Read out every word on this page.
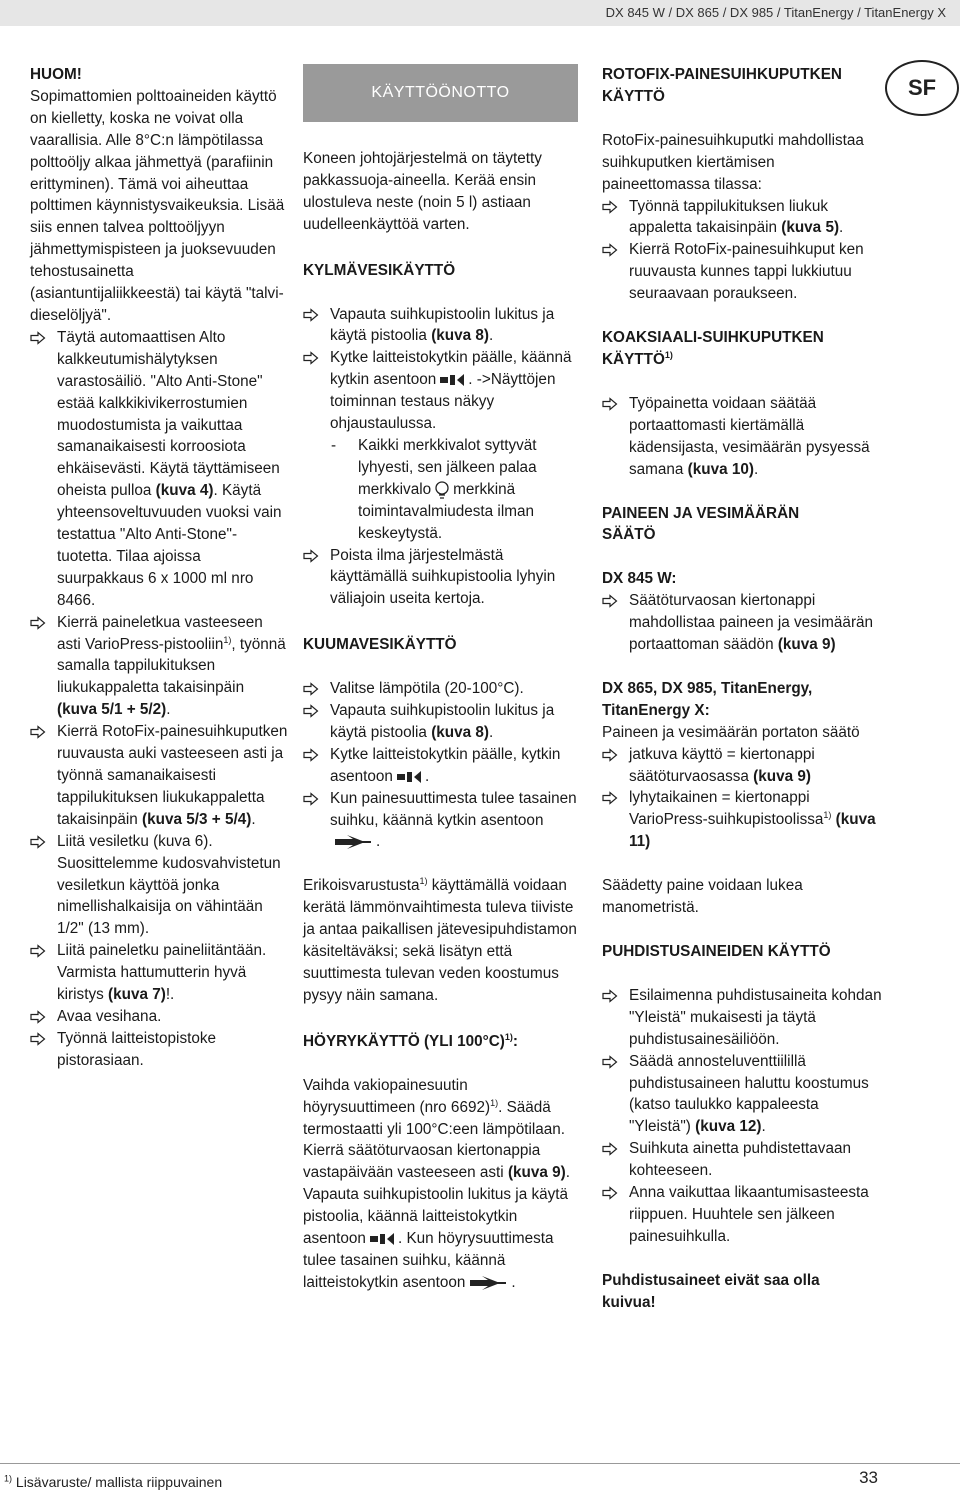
DX 845 W / DX 865 / DX 985 / TitanEnergy / TitanEnergy X
SF

HUOM!

Sopimattomien polttoaineiden käyttö on kielletty, koska ne voivat olla vaarallisia. Alle 8°C:n lämpötilassa polttoöljy alkaa jähmettyä (parafiinin erittyminen). Tämä voi aiheuttaa polttimen käynnistysvaikeuksia. Lisää siis ennen talvea polttoöljyyn jähmettymispisteen ja juoksevuuden tehostusainetta (asiantuntijaliikkeestä) tai käytä "talvi-dieselöljyä".

Täytä automaattisen Alto kalkkeutumishälytyksen varastosäiliö. "Alto Anti-Stone" estää kalkkikivikerrostumien muodostumista ja vaikuttaa samanaikaisesti korroosiota ehkäisevästi. Käytä täyttämiseen oheista pulloa (kuva 4). Käytä yhteensoveltuvuuden vuoksi vain testattua "Alto Anti-Stone"-tuotetta. Tilaa ajoissa suurpakkaus 6 x 1000 ml nro 8466.

Kierrä paineletkua vasteeseen asti VarioPress-pistooliin$^{1)}$, työnnä samalla tappilukituksen liukukappaletta takaisinpäin (kuva 5/1 + 5/2).

Kierrä RotoFix-painesuihkuputken ruuvausta auki vasteeseen asti ja työnnä samanaikaisesti tappilukituksen liukukappaletta takaisinpäin (kuva 5/3 + 5/4).

Liitä vesiletku (kuva 6). Suosittelemme kudosvahvistetun vesiletkun käyttöä jonka nimellishalkaisija on vähintään 1/2" (13 mm).

Liitä paineletku paineliitäntään. Varmista hattumutterin hyvä kiristys (kuva 7)!.

Avaa vesihana.

Työnnä laitteistopistoke pistorasiaan.

KÄYTTÖÖNOTTO

Koneen johtojärjestelmä on täytetty pakkassuoja-aineella. Kerää ensin ulostuleva neste (noin 5 l) astiaan uudelleenkäyttöä varten.

KYLMÄVESIKÄYTTÖ

Vapauta suihkupistoolin lukitus ja käytä pistoolia (kuva 8).

Kytke laitteistokytkin päälle, käännä kytkin asentoon . ->Näyttöjen toiminnan testaus näkyy ohjaustaulussa.

- Kaikki merkkivalot syttyvät lyhyesti, sen jälkeen palaa merkkivalo merkkinä toimintavalmiudesta ilman keskeytystä.

Poista ilma järjestelmästä käyttämällä suihkupistoolia lyhyin väliajoin useita kertoja.

KUUMAVESIKÄYTTÖ

Valitse lämpötila (20-100°C).

Vapauta suihkupistoolin lukitus ja käytä pistoolia (kuva 8).

Kytke laitteistokytkin päälle, kytkin asentoon .

Kun painesuuttimesta tulee tasainen suihku, käännä kytkin asentoon.

Erikoisvarustusta$^{1)}$ käyttämällä voidaan kerätä lämmönvaihtimesta tuleva tiiviste ja antaa paikallisen jätevesipuhdistamon käsiteltäväksi; sekä lisätyn että suuttimesta tulevan veden koostumus pysyy näin samana.

HÖYRYKÄYTTÖ (YLI 100°C)$^{1)}$:

Vaihda vakiopainesuutin höyrysuuttimeen (nro 6692)$^{1)}$. Säädä termostaatti yli 100°C:een lämpötilaan. Kierrä säätöturvaosan kiertonappia vastapäivään vasteeseen asti (kuva 9).

Vapauta suihkupistoolin lukitus ja käytä pistoolia, käännä laitteistokytkin asentoon . Kun höyrysuuttimesta tulee tasainen suihku, käännä laitteistokytkin asentoon	.

ROTOFIX-PAINESUIHKUPUTKEN KÄYTTÖ

RotoFix-painesuihkuputki mahdollistaa suihkuputken kiertämisen paineettomassa tilassa:

Työnnä tappilukituksen liukuk appaletta takaisinpäin (kuva 5).

Kierrä RotoFix-painesuihkuput ken ruuvausta kunnes tappi lukkiutuu seuraavaan poraukseen.

KOAKSIAALI-SUIHKUPUTKEN KÄYTTÖ$^{1)}$

Työpainetta voidaan säätää portaattomasti kiertämällä kädensijasta, vesimäärän pysyessä samana (kuva 10).

PAINEEN JA VESIMÄÄRÄN SÄÄTÖ

DX 845 W:

Säätöturvaosan kiertonappi mahdollistaa paineen ja vesimäärän portaattoman säädön (kuva 9)

DX 865, DX 985, TitanEnergy, TitanEnergy X:

Paineen ja vesimäärän portaton säätö

jatkuva käyttö = kiertonappi säätöturvaosassa (kuva 9)

lyhytaikainen = kiertonappi VarioPress-suihkupistoolissa$^{1)}$ (kuva 11)

Säädetty paine voidaan lukea manometristä.

PUHDISTUSAINEIDEN KÄYTTÖ

Esilaimenna puhdistusaineita kohdan "Yleistä" mukaisesti ja täytä puhdistusainesäiliöön.

Säädä annosteluventtiilillä puhdistusaineen haluttu koostumus (katso taulukko kappaleesta "Yleistä") (kuva 12).

Suihkuta ainetta puhdistettavaan kohteeseen.

Anna vaikuttaa likaantumisasteesta riippuen. Huuhtele sen jälkeen painesuihkulla.

Puhdistusaineet eivät saa olla kuivua!

$^{1)}$ Lisävaruste/ mallista riippuvainen	33
